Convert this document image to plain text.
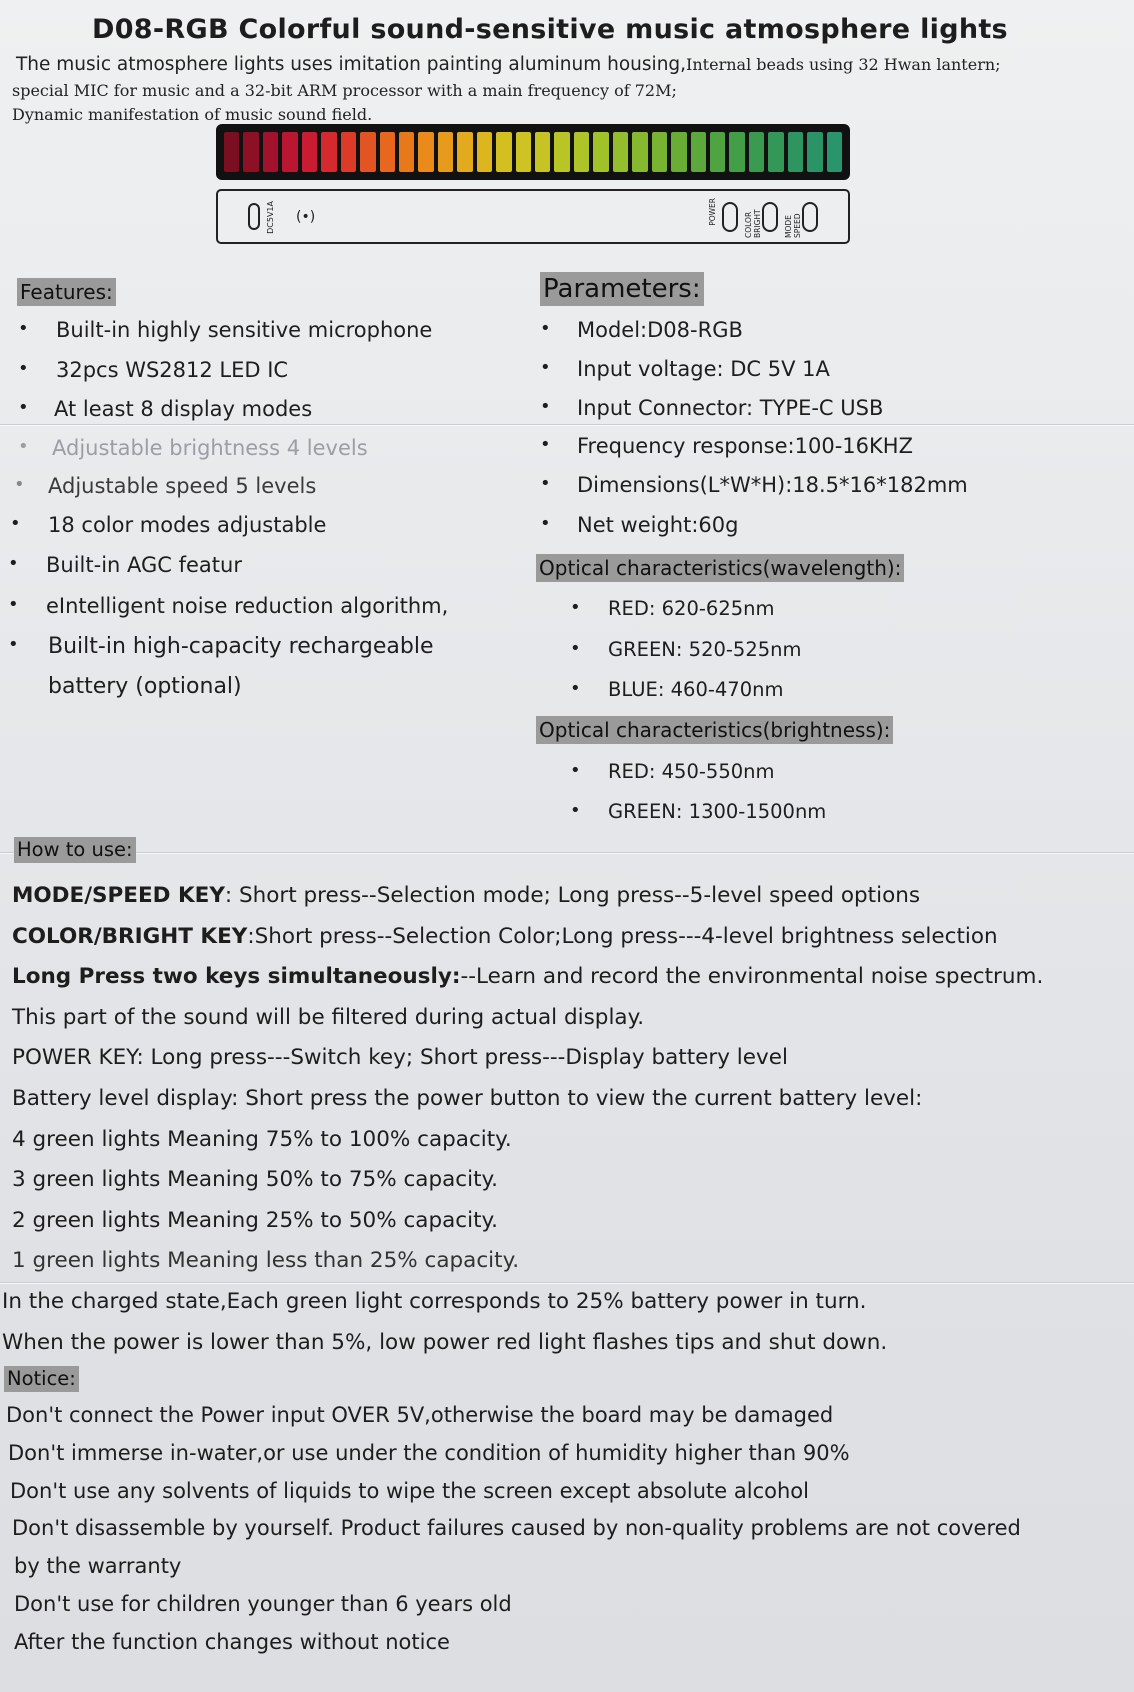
D08-RGB Colorful sound-sensitive music atmosphere lights
The music atmosphere lights uses imitation painting aluminum housing,Internal beads using 32 Hwan lantern;
special MIC for music and a 32-bit ARM processor with a main frequency of 72M;
Dynamic manifestation of music sound field.
DC5V1A (•)	POWER	COLOR BRIGHT	MODE SPEED
Features:
• Built-in highly sensitive microphone
• 32pcs WS2812 LED IC
• At least 8 display modes
• Adjustable brightness 4 levels
• Adjustable speed 5 levels
• 18 color modes adjustable
• Built-in AGC featur
• eIntelligent noise reduction algorithm,
• Built-in high-capacity rechargeable
battery (optional)
Parameters:
• Model:D08-RGB
• Input voltage: DC 5V 1A
• Input Connector: TYPE-C USB
• Frequency response:100-16KHZ
• Dimensions(L*W*H):18.5*16*182mm
• Net weight:60g
Optical characteristics(wavelength):
• RED: 620-625nm
• GREEN: 520-525nm
• BLUE: 460-470nm
Optical characteristics(brightness):
• RED: 450-550nm
• GREEN: 1300-1500nm
How to use:
MODE/SPEED KEY: Short press--Selection mode; Long press--5-level speed options
COLOR/BRIGHT KEY:Short press--Selection Color;Long press---4-level brightness selection
Long Press two keys simultaneously:--Learn and record the environmental noise spectrum.
This part of the sound will be filtered during actual display.
POWER KEY: Long press---Switch key; Short press---Display battery level
Battery level display: Short press the power button to view the current battery level:
4 green lights Meaning 75% to 100% capacity.
3 green lights Meaning 50% to 75% capacity.
2 green lights Meaning 25% to 50% capacity.
1 green lights Meaning less than 25% capacity.
In the charged state,Each green light corresponds to 25% battery power in turn.
When the power is lower than 5%, low power red light flashes tips and shut down.
Notice:
Don't connect the Power input OVER 5V,otherwise the board may be damaged
Don't immerse in-water,or use under the condition of humidity higher than 90%
Don't use any solvents of liquids to wipe the screen except absolute alcohol
Don't disassemble by yourself. Product failures caused by non-quality problems are not covered
by the warranty
Don't use for children younger than 6 years old
After the function changes without notice
